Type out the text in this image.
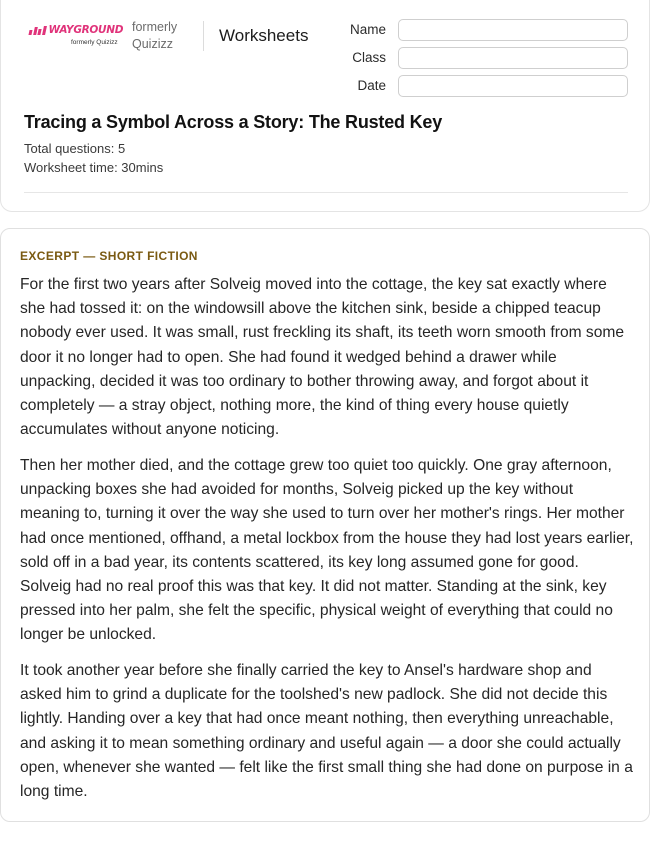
WAYGROUND
formerly Quizizz
formerly
Quizizz	Worksheets	Name
Class
Date
Tracing a Symbol Across a Story: The Rusted Key
Total questions: 5
Worksheet time: 30mins
EXCERPT — SHORT FICTION

For the first two years after Solveig moved into the cottage, the key sat exactly where she had tossed it: on the windowsill above the kitchen sink, beside a chipped teacup nobody ever used. It was small, rust freckling its shaft, its teeth worn smooth from some door it no longer had to open. She had found it wedged behind a drawer while unpacking, decided it was too ordinary to bother throwing away, and forgot about it completely — a stray object, nothing more, the kind of thing every house quietly accumulates without anyone noticing.

Then her mother died, and the cottage grew too quiet too quickly. One gray afternoon, unpacking boxes she had avoided for months, Solveig picked up the key without meaning to, turning it over the way she used to turn over her mother's rings. Her mother had once mentioned, offhand, a metal lockbox from the house they had lost years earlier, sold off in a bad year, its contents scattered, its key long assumed gone for good. Solveig had no real proof this was that key. It did not matter. Standing at the sink, key pressed into her palm, she felt the specific, physical weight of everything that could no longer be unlocked.

It took another year before she finally carried the key to Ansel's hardware shop and asked him to grind a duplicate for the toolshed's new padlock. She did not decide this lightly. Handing over a key that had once meant nothing, then everything unreachable, and asking it to mean something ordinary and useful again — a door she could actually open, whenever she wanted — felt like the first small thing she had done on purpose in a long time.
